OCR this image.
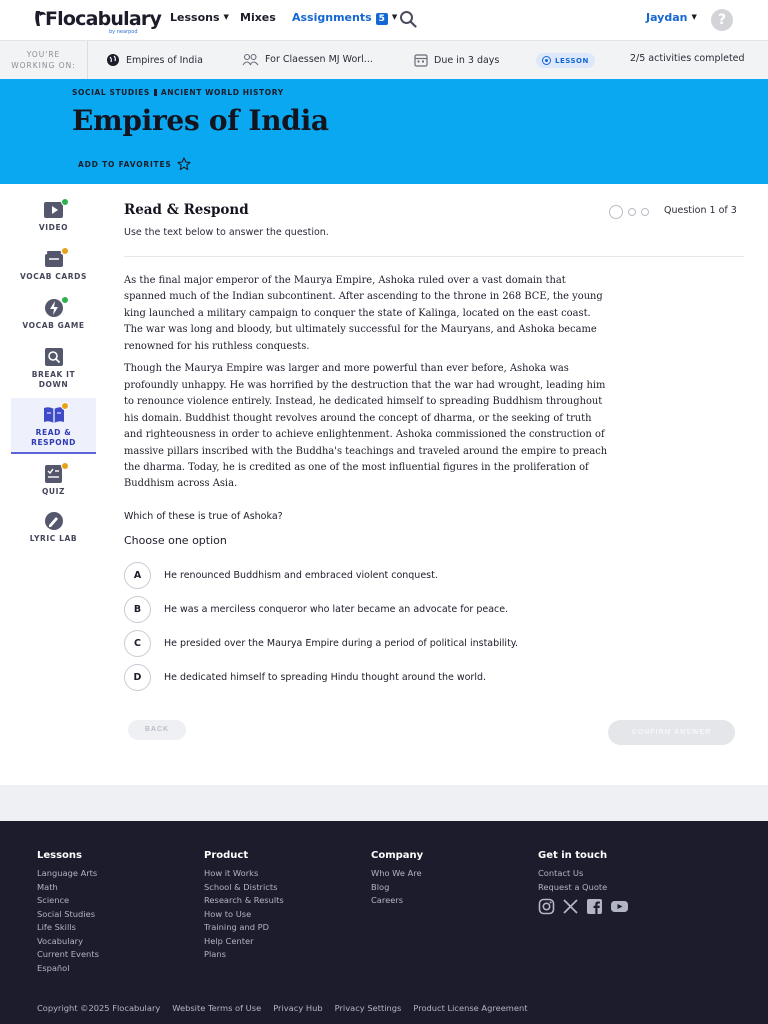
Flocabulary
by nearpod
Lessons ▼ Mixes Assignments 5 ▼	Jaydan ▼	?
YOU'RE
WORKING ON:	Empires of India	For Claessen MJ Worl...	Due in 3 days	LESSON	2/5 activities completed
SOCIAL STUDIES ANCIENT WORLD HISTORY
Empires of India
ADD TO FAVORITES
VIDEO
VOCAB CARDS
VOCAB GAME
BREAK IT
DOWN
READ &
RESPOND
QUIZ
LYRIC LAB
Read & Respond
Use the text below to answer the question.
Question 1 of 3

As the final major emperor of the Maurya Empire, Ashoka ruled over a vast domain that spanned much of the Indian subcontinent. After ascending to the throne in 268 BCE, the young king launched a military campaign to conquer the state of Kalinga, located on the east coast. The war was long and bloody, but ultimately successful for the Mauryans, and Ashoka became renowned for his ruthless conquests.

Though the Maurya Empire was larger and more powerful than ever before, Ashoka was profoundly unhappy. He was horrified by the destruction that the war had wrought, leading him to renounce violence entirely. Instead, he dedicated himself to spreading Buddhism throughout his domain. Buddhist thought revolves around the concept of dharma, or the seeking of truth and righteousness in order to achieve enlightenment. Ashoka commissioned the construction of massive pillars inscribed with the Buddha's teachings and traveled around the empire to preach the dharma. Today, he is credited as one of the most influential figures in the proliferation of Buddhism across Asia.

Which of these is true of Ashoka?
Choose one option
A	He renounced Buddhism and embraced violent conquest.
B	He was a merciless conqueror who later became an advocate for peace.
C	He presided over the Maurya Empire during a period of political instability.
D	He dedicated himself to spreading Hindu thought around the world.
BACK	CONFIRM ANSWER
Lessons
Language Arts
Math
Science
Social Studies
Life Skills
Vocabulary
Current Events
Español
Product
How it Works
School & Districts
Research & Results
How to Use
Training and PD
Help Center
Plans
Company
Who We Are
Blog
Careers
Get in touch
Contact Us
Request a Quote
Copyright ©2025 Flocabulary Website Terms of Use Privacy Hub Privacy Settings Product License Agreement
